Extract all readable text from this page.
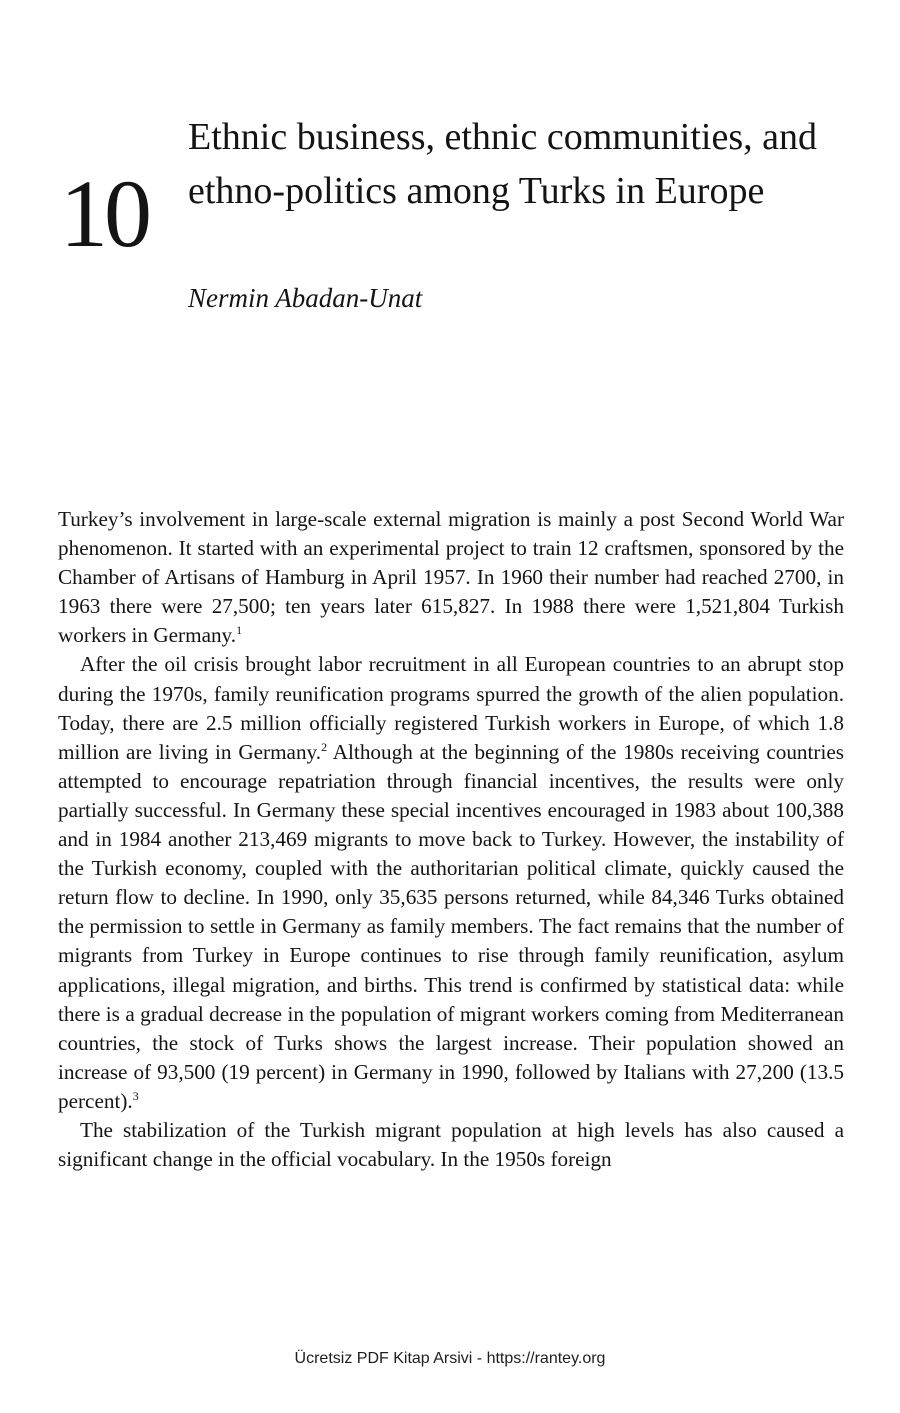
10
Ethnic business, ethnic communities, and ethno-politics among Turks in Europe
Nermin Abadan-Unat

Turkey’s involvement in large-scale external migration is mainly a post Second World War phenomenon. It started with an experimental project to train 12 craftsmen, sponsored by the Chamber of Artisans of Hamburg in April 1957. In 1960 their number had reached 2700, in 1963 there were 27,500; ten years later 615,827. In 1988 there were 1,521,804 Turkish workers in Germany.$^1$

After the oil crisis brought labor recruitment in all European countries to an abrupt stop during the 1970s, family reunification programs spurred the growth of the alien population. Today, there are 2.5 million officially registered Turkish workers in Europe, of which 1.8 million are living in Germany.$^2$ Although at the beginning of the 1980s receiving countries attempted to encourage repatriation through financial incentives, the results were only partially successful. In Germany these special incentives encouraged in 1983 about 100,388 and in 1984 another 213,469 migrants to move back to Turkey. However, the instability of the Turkish economy, coupled with the authoritarian political climate, quickly caused the return flow to decline. In 1990, only 35,635 persons returned, while 84,346 Turks obtained the permission to settle in Germany as family members. The fact remains that the number of migrants from Turkey in Europe continues to rise through family reunification, asylum applications, illegal migration, and births. This trend is confirmed by statistical data: while there is a gradual decrease in the population of migrant workers coming from Mediterranean countries, the stock of Turks shows the largest increase. Their population showed an increase of 93,500 (19 percent) in Germany in 1990, followed by Italians with 27,200 (13.5 percent).$^3$

The stabilization of the Turkish migrant population at high levels has also caused a significant change in the official vocabulary. In the 1950s foreign

Ücretsiz PDF Kitap Arsivi - https://rantey.org
